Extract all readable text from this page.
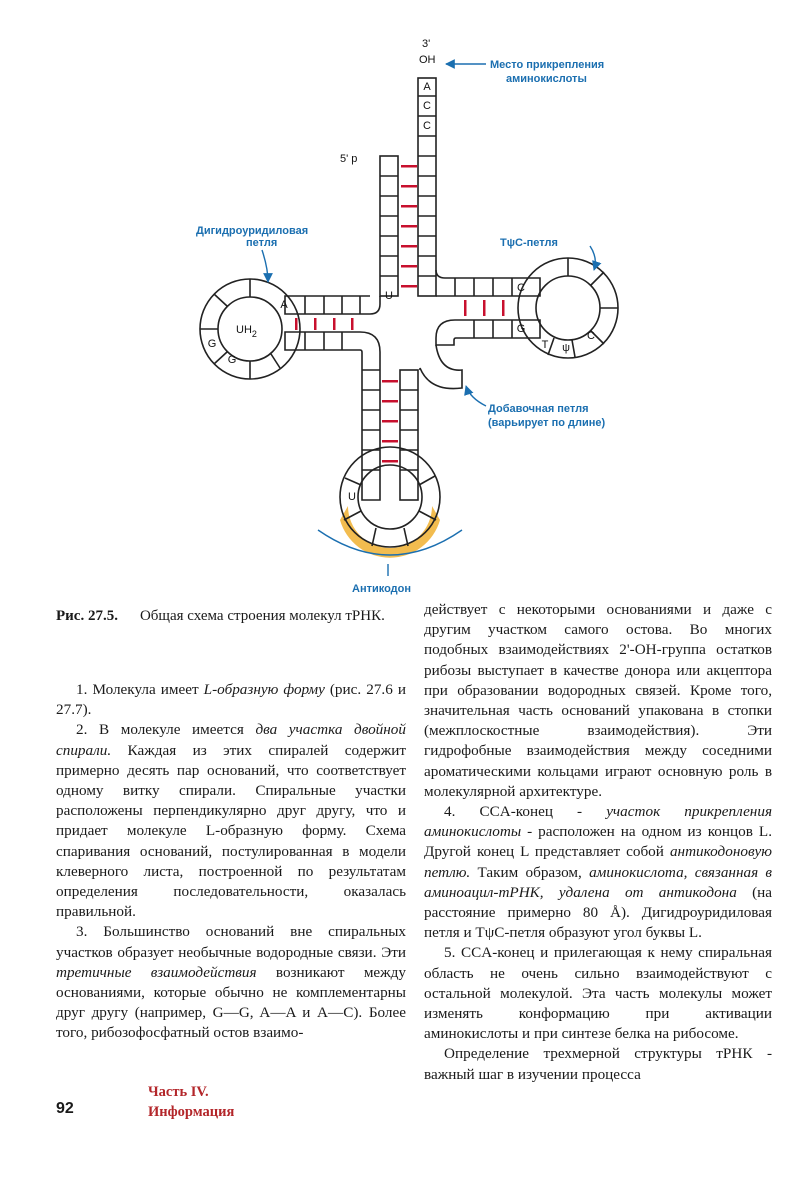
A
C
C
U
A
G
G
C
G
T ψ
C
U
$UH_2$
3'
OH
5' p
Место прикрепления
аминокислоты
Дигидроуридиловая
петля	TψC-петля
Добавочная петля
(варьирует по длине)
Антикодон
Рис. 27.5. Общая схема строения молекул тРНК.

1. Молекула имеет L-образную форму (рис. 27.6 и 27.7).

2. В молекуле имеется два участка двойной спирали. Каждая из этих спиралей содержит примерно десять пар оснований, что соответствует одному витку спирали. Спиральные участки расположены перпендикулярно друг другу, что и придает молекуле L-образную форму. Схема спаривания оснований, постулированная в модели клеверного листа, построенной по результатам определения последовательности, оказалась правильной.

3. Большинство оснований вне спиральных участков образует необычные водородные связи. Эти третичные взаимодействия возникают между основаниями, которые обычно не комплементарны друг другу (например, G—G, A—A и A—C). Более того, рибозофосфатный остов взаимо-

действует с некоторыми основаниями и даже с другим участком самого остова. Во многих подобных взаимодействиях 2'-OH-группа остатков рибозы выступает в качестве донора или акцептора при образовании водородных связей. Кроме того, значительная часть оснований упакована в стопки (межплоскостные взаимодействия). Эти гидрофобные взаимодействия между соседними ароматическими кольцами играют основную роль в молекулярной архитектуре.

4. CCA-конец - участок прикрепления аминокислоты - расположен на одном из концов L. Другой конец L представляет собой антикодоновую петлю. Таким образом, аминокислота, связанная в аминоацил-тРНК, удалена от антикодона (на расстояние примерно 80 Å). Дигидроуридиловая петля и TψC-петля образуют угол буквы L.

5. CCA-конец и прилегающая к нему спиральная область не очень сильно взаимодействуют с остальной молекулой. Эта часть молекулы может изменять конформацию при активации аминокислоты и при синтезе белка на рибосоме.

Определение трехмерной структуры тРНК - важный шаг в изучении процесса

92
Часть IV.
Информация
